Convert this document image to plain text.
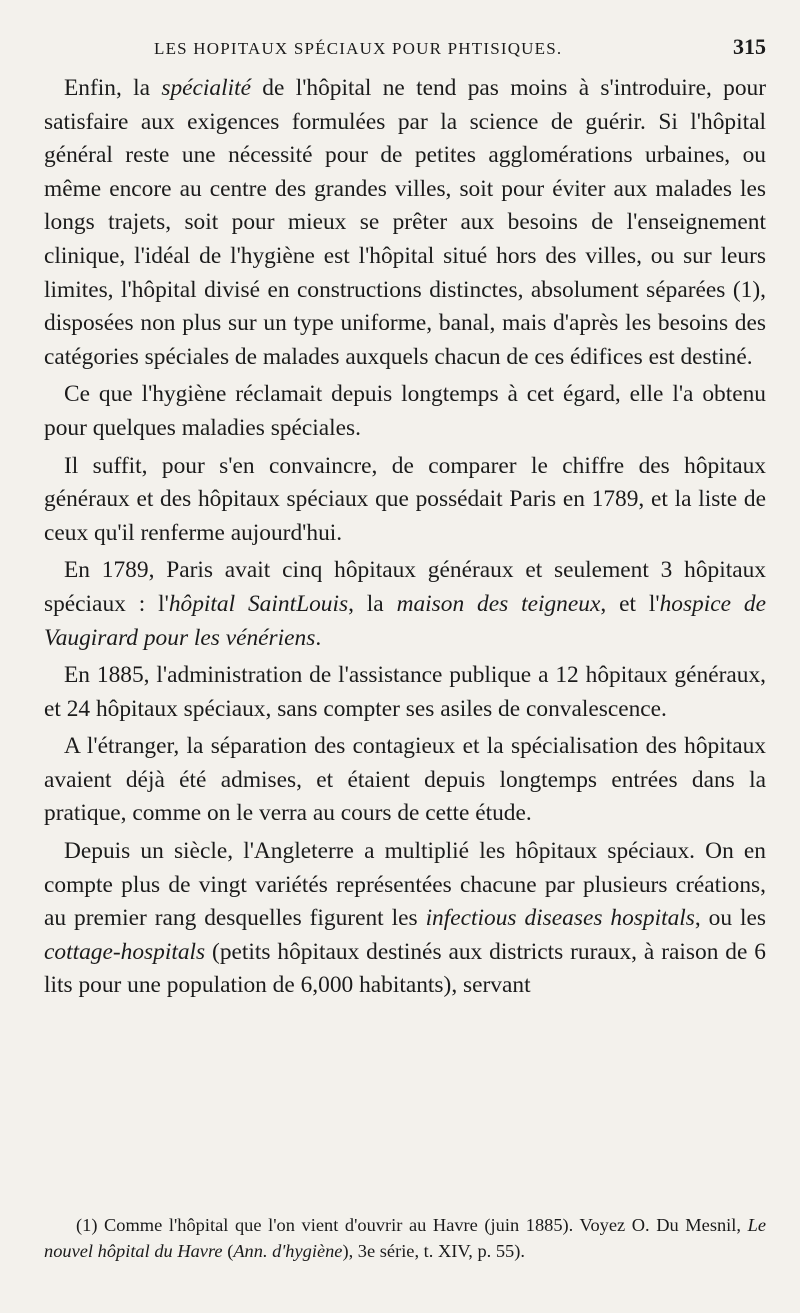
LES HOPITAUX SPÉCIAUX POUR PHTISIQUES.	315

Enfin, la spécialité de l'hôpital ne tend pas moins à s'introduire, pour satisfaire aux exigences formulées par la science de guérir. Si l'hôpital général reste une nécessité pour de petites agglomérations urbaines, ou même encore au centre des grandes villes, soit pour éviter aux malades les longs trajets, soit pour mieux se prêter aux besoins de l'enseignement clinique, l'idéal de l'hygiène est l'hôpital situé hors des villes, ou sur leurs limites, l'hôpital divisé en constructions distinctes, absolument séparées (1), disposées non plus sur un type uniforme, banal, mais d'après les besoins des catégories spéciales de malades auxquels chacun de ces édifices est destiné.

Ce que l'hygiène réclamait depuis longtemps à cet égard, elle l'a obtenu pour quelques maladies spéciales.

Il suffit, pour s'en convaincre, de comparer le chiffre des hôpitaux généraux et des hôpitaux spéciaux que possédait Paris en 1789, et la liste de ceux qu'il renferme aujourd'hui.

En 1789, Paris avait cinq hôpitaux généraux et seulement 3 hôpitaux spéciaux : l'hôpital SaintLouis, la maison des teigneux, et l'hospice de Vaugirard pour les vénériens.

En 1885, l'administration de l'assistance publique a 12 hôpitaux généraux, et 24 hôpitaux spéciaux, sans compter ses asiles de convalescence.

A l'étranger, la séparation des contagieux et la spécialisation des hôpitaux avaient déjà été admises, et étaient depuis longtemps entrées dans la pratique, comme on le verra au cours de cette étude.

Depuis un siècle, l'Angleterre a multiplié les hôpitaux spéciaux. On en compte plus de vingt variétés représentées chacune par plusieurs créations, au premier rang desquelles figurent les infectious diseases hospitals, ou les cottage-hospitals (petits hôpitaux destinés aux districts ruraux, à raison de 6 lits pour une population de 6,000 habitants), servant

(1) Comme l'hôpital que l'on vient d'ouvrir au Havre (juin 1885). Voyez O. Du Mesnil, Le nouvel hôpital du Havre (Ann. d'hygiène), 3e série, t. XIV, p. 55).
